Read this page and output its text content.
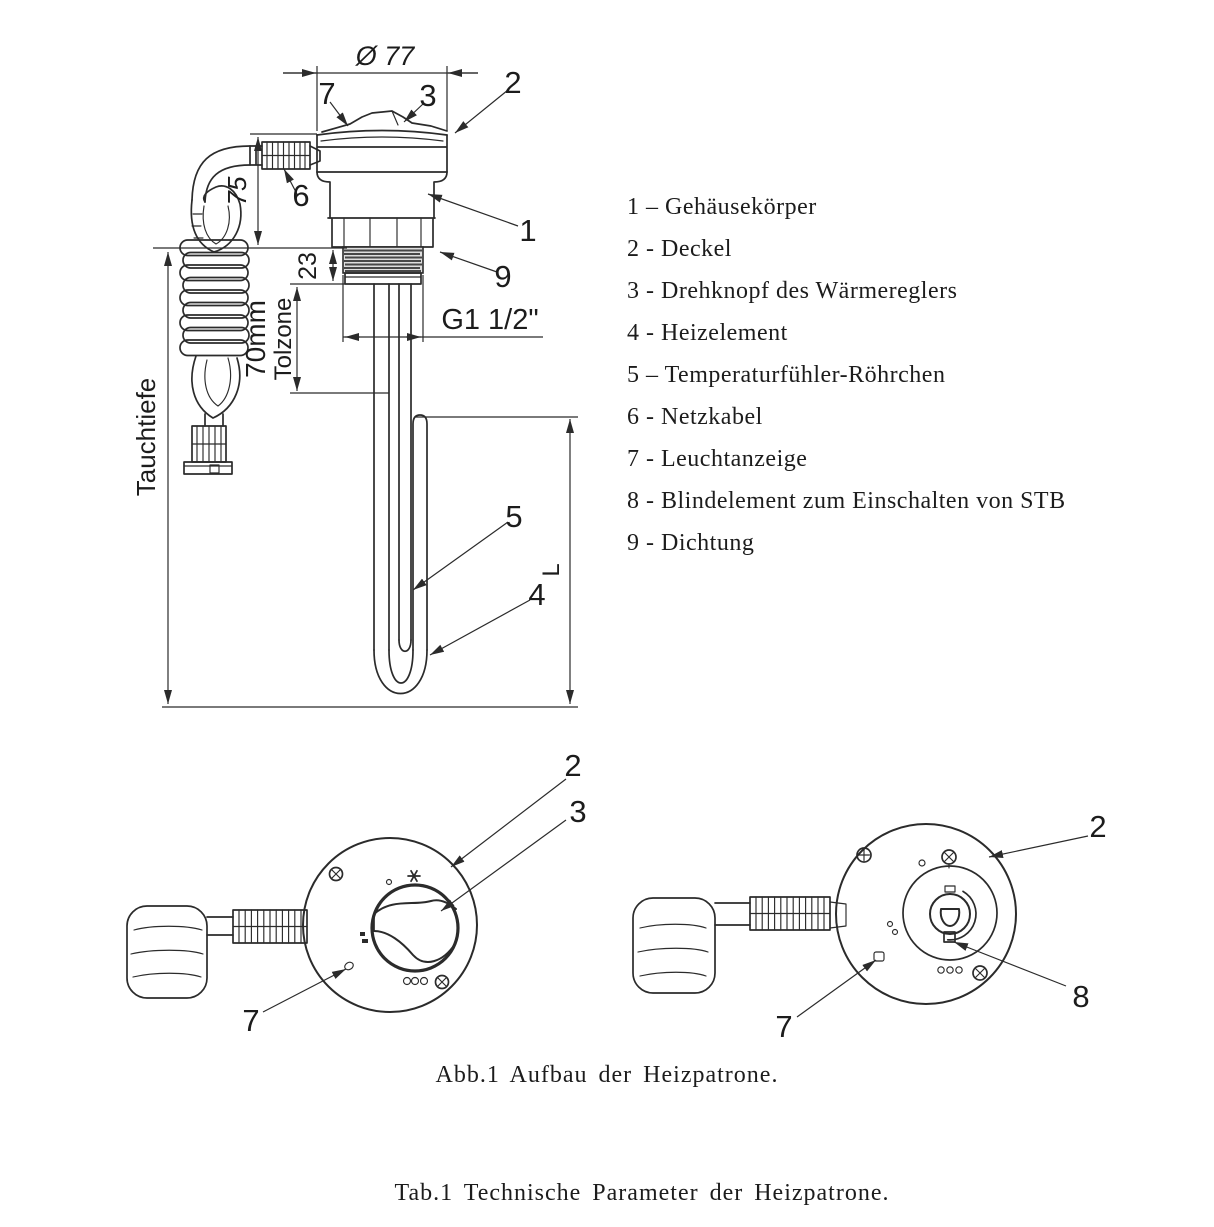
Ø 77
75
23
70mm Tolzone
Tauchtiefe
G1 1/2"
L
7	3 2
6
1
9
5
4
2
3
7
2
7
8
1 – Gehäusekörper
2 - Deckel
3 - Drehknopf des Wärmereglers
4 - Heizelement
5 – Temperaturfühler-Röhrchen
6 - Netzkabel
7 - Leuchtanzeige
8 - Blindelement zum Einschalten von STB
9 - Dichtung
Abb.1 Aufbau der Heizpatrone.
Tab.1 Technische Parameter der Heizpatrone.
